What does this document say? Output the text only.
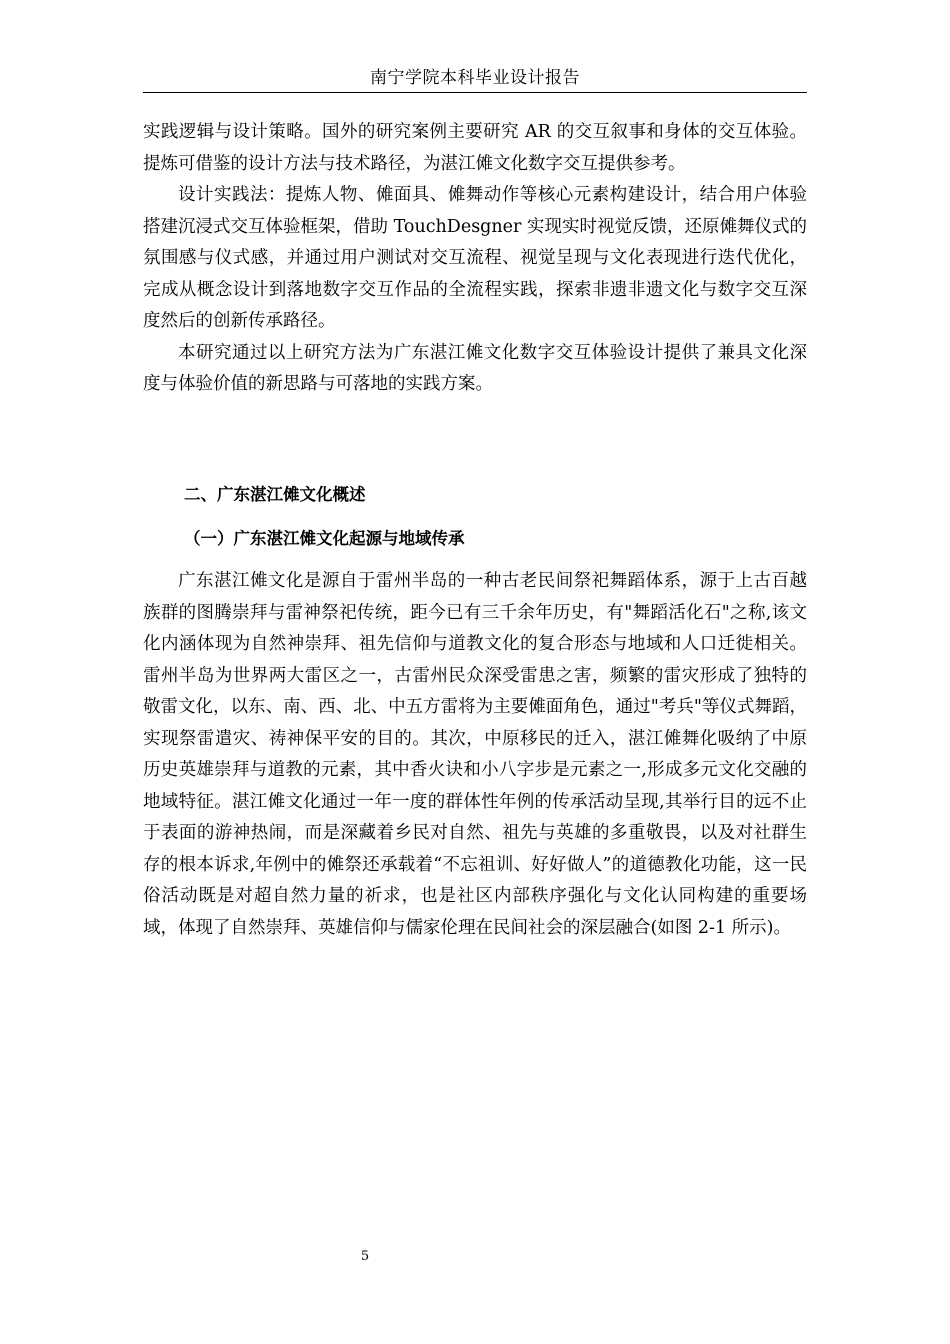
南宁学院本科毕业设计报告

实践逻辑与设计策略。国外的研究案例主要研究 AR 的交互叙事和身体的交互体验。提炼可借鉴的设计方法与技术路径，为湛江傩文化数字交互提供参考。

设计实践法：提炼人物、傩面具、傩舞动作等核心元素构建设计，结合用户体验搭建沉浸式交互体验框架，借助 TouchDesgner 实现实时视觉反馈，还原傩舞仪式的氛围感与仪式感，并通过用户测试对交互流程、视觉呈现与文化表现进行迭代优化，完成从概念设计到落地数字交互作品的全流程实践，探索非遗非遗文化与数字交互深度然后的创新传承路径。

本研究通过以上研究方法为广东湛江傩文化数字交互体验设计提供了兼具文化深度与体验价值的新思路与可落地的实践方案。

二、广东湛江傩文化概述
（一）广东湛江傩文化起源与地域传承

广东湛江傩文化是源自于雷州半岛的一种古老民间祭祀舞蹈体系，源于上古百越族群的图腾崇拜与雷神祭祀传统，距今已有三千余年历史，有"舞蹈活化石"之称,该文化内涵体现为自然神崇拜、祖先信仰与道教文化的复合形态与地域和人口迁徙相关。雷州半岛为世界两大雷区之一，古雷州民众深受雷患之害，频繁的雷灾形成了独特的敬雷文化，以东、南、西、北、中五方雷将为主要傩面角色，通过"考兵"等仪式舞蹈，实现祭雷遣灾、祷神保平安的目的。其次，中原移民的迁入，湛江傩舞化吸纳了中原历史英雄崇拜与道教的元素，其中香火诀和小八字步是元素之一,形成多元文化交融的地域特征。湛江傩文化通过一年一度的群体性年例的传承活动呈现,其举行目的远不止于表面的游神热闹，而是深藏着乡民对自然、祖先与英雄的多重敬畏，以及对社群生存的根本诉求,年例中的傩祭还承载着“不忘祖训、好好做人”的道德教化功能，这一民俗活动既是对超自然力量的祈求，也是社区内部秩序强化与文化认同构建的重要场域，体现了自然崇拜、英雄信仰与儒家伦理在民间社会的深层融合(如图 2-1 所示)。

5
